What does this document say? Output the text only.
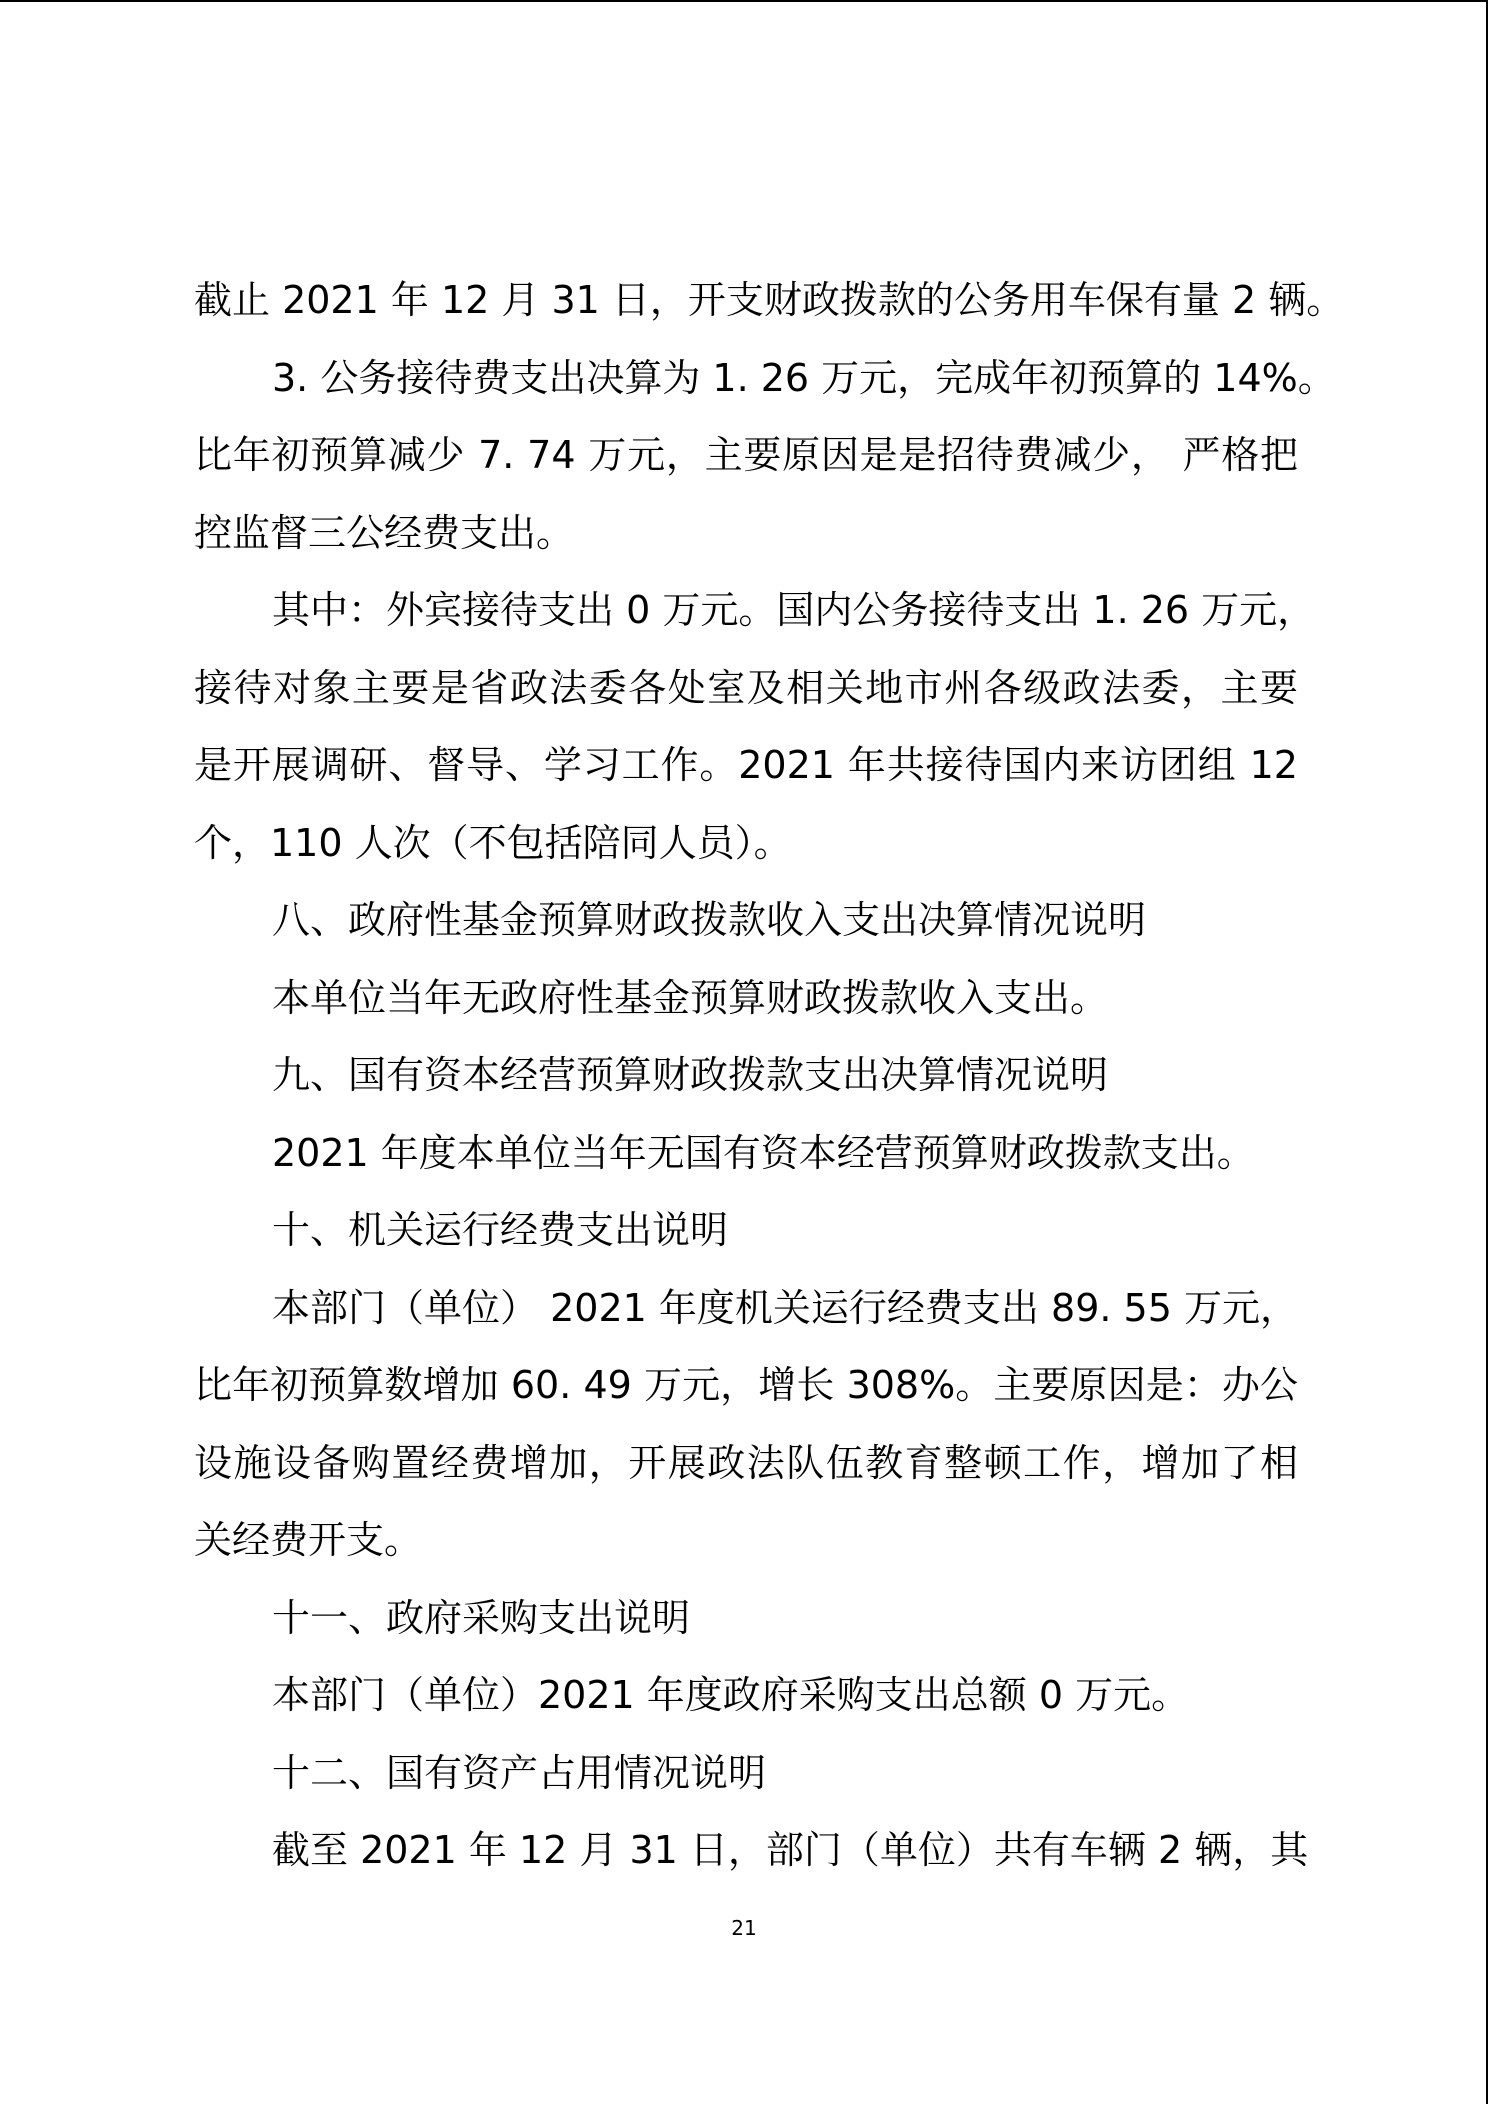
截止 2021 年 12 月 31 日，开支财政拨款的公务用车保有量 2 辆。
3. 公务接待费支出决算为 1. 26 万元，完成年初预算的 14%。
比年初预算减少 7. 74 万元，主要原因是是招待费减少， 严格把
控监督三公经费支出。
其中：外宾接待支出 0 万元。国内公务接待支出 1. 26 万元，
接待对象主要是省政法委各处室及相关地市州各级政法委，主要
是开展调研、督导、学习工作。2021 年共接待国内来访团组 12
个，110 人次（不包括陪同人员）。
八、政府性基金预算财政拨款收入支出决算情况说明
本单位当年无政府性基金预算财政拨款收入支出。
九、国有资本经营预算财政拨款支出决算情况说明
2021 年度本单位当年无国有资本经营预算财政拨款支出。
十、机关运行经费支出说明
本部门（单位） 2021 年度机关运行经费支出 89. 55 万元，
比年初预算数增加 60. 49 万元，增长 308%。主要原因是：办公
设施设备购置经费增加，开展政法队伍教育整顿工作，增加了相
关经费开支。
十一、政府采购支出说明
本部门（单位）2021 年度政府采购支出总额 0 万元。
十二、国有资产占用情况说明
截至 2021 年 12 月 31 日，部门（单位）共有车辆 2 辆，其
21
